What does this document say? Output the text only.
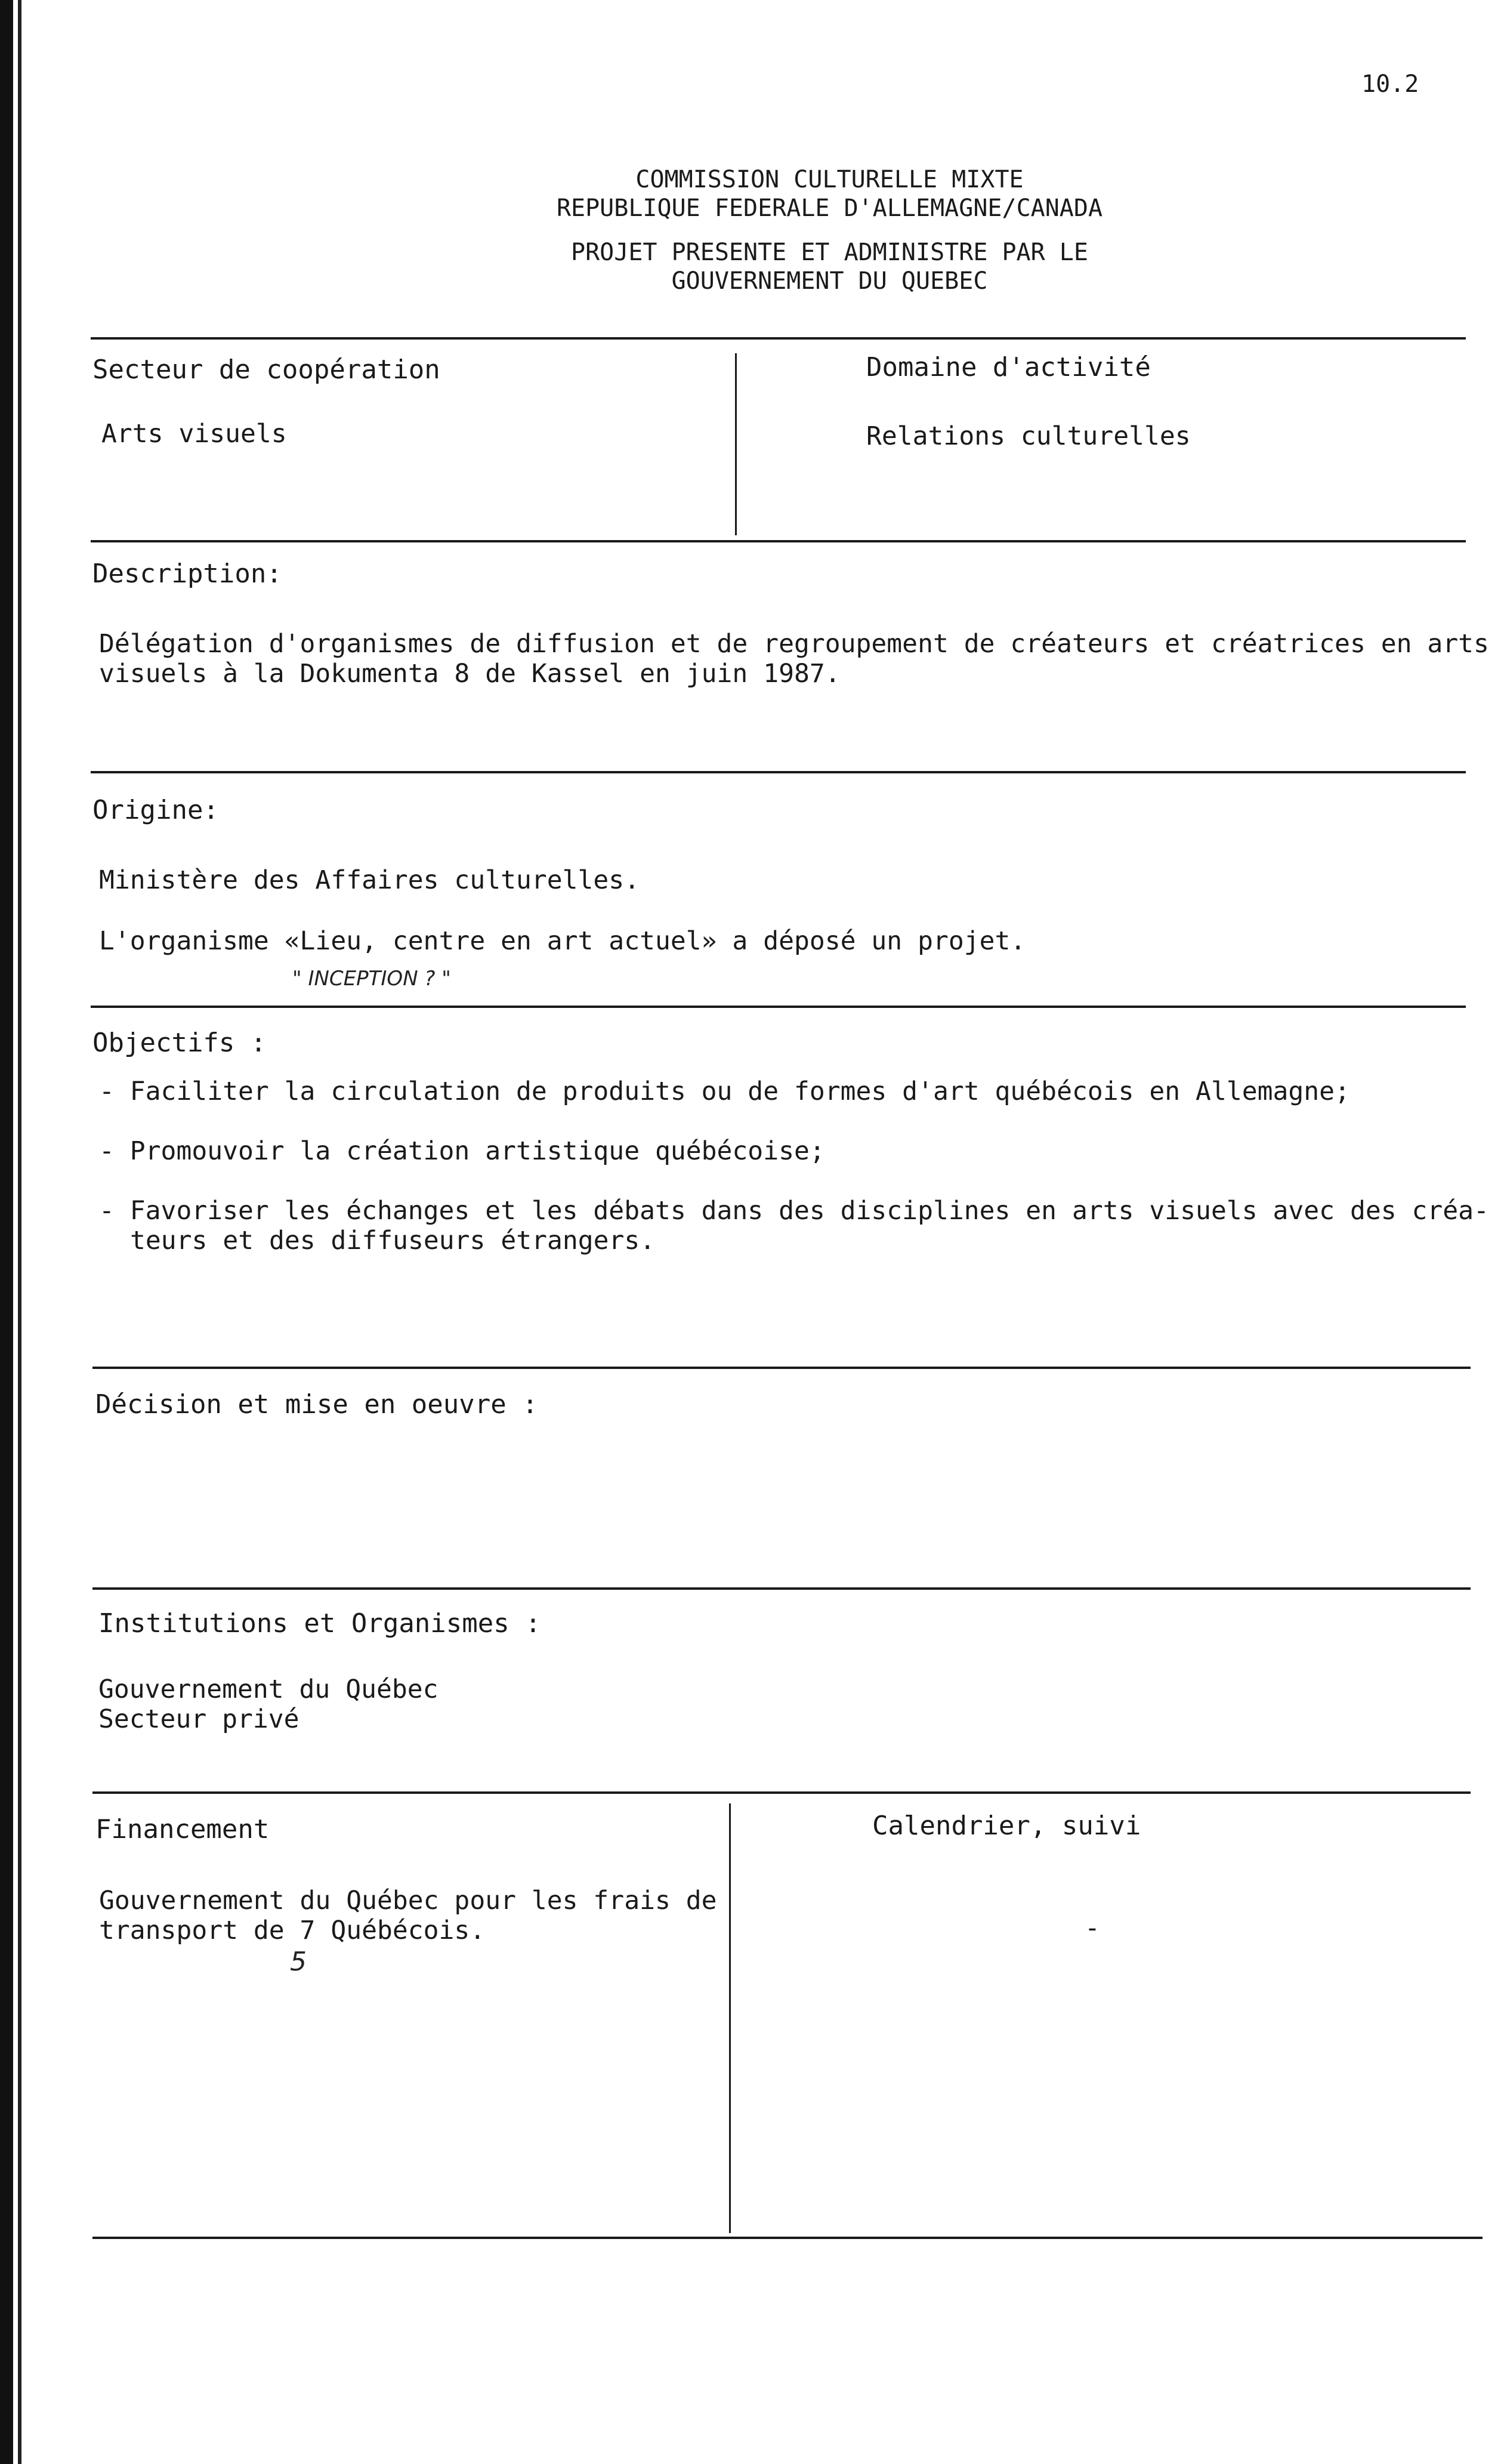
10.2
COMMISSION CULTURELLE MIXTE
REPUBLIQUE FEDERALE D'ALLEMAGNE/CANADA
PROJET PRESENTE ET ADMINISTRE PAR LE
GOUVERNEMENT DU QUEBEC
Secteur de coopération
Arts visuels
Domaine d'activité
Relations culturelles
Description:
Délégation d'organismes de diffusion et de regroupement de créateurs et créatrices en arts
visuels à la Dokumenta 8 de Kassel en juin 1987.
Origine:
Ministère des Affaires culturelles.
L'organisme «Lieu, centre en art actuel» a déposé un projet.
" INCEPTION ? "
Objectifs :
- Faciliter la circulation de produits ou de formes d'art québécois en Allemagne;
- Promouvoir la création artistique québécoise;
- Favoriser les échanges et les débats dans des disciplines en arts visuels avec des créa-
teurs et des diffuseurs étrangers.
Décision et mise en oeuvre :
Institutions et Organismes :
Gouvernement du Québec
Secteur privé
Financement
Gouvernement du Québec pour les frais de
transport de 7 Québécois.
5
Calendrier, suivi
-
